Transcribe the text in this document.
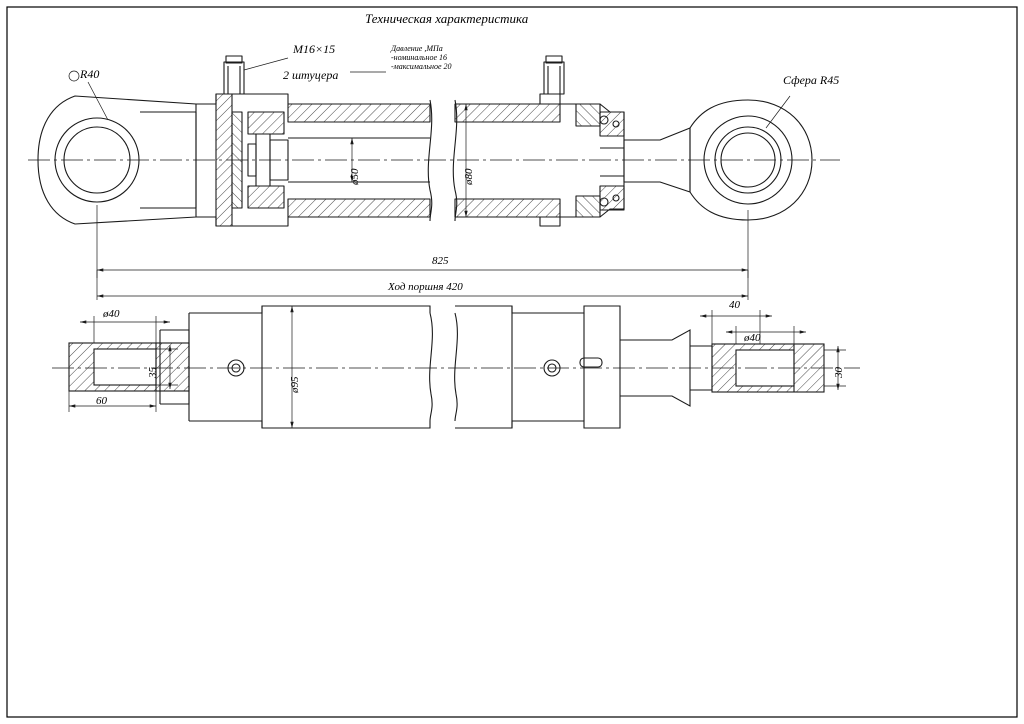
Техническая характеристика
R40
M16×15
2 штуцера	Сфера R45
Давление ,МПа
-номинальное 16
-максимальное 20
ø50	ø80
825
Ход поршня 420
ø40
35
60
ø95
40
ø40
30
